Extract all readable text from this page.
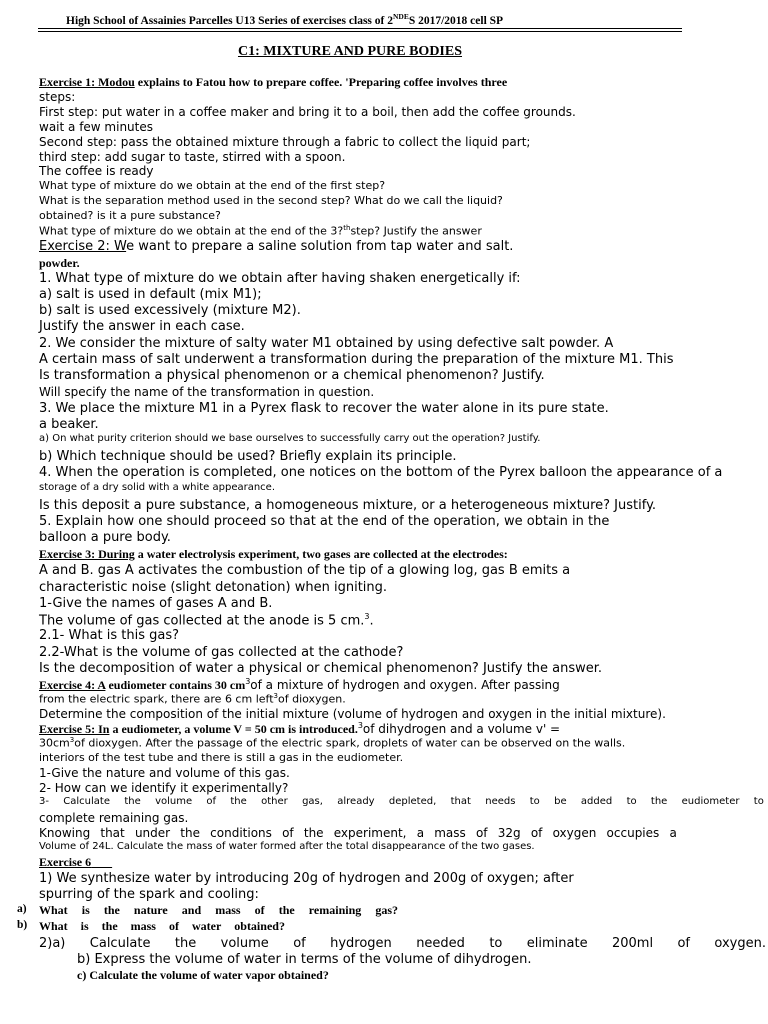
High School of Assainies Parcelles U13 Series of exercises class of 2NDES 2017/2018 cell SP
C1: MIXTURE AND PURE BODIES
Exercise 1: Modou explains to Fatou how to prepare coffee. 'Preparing coffee involves three
steps:
First step: put water in a coffee maker and bring it to a boil, then add the coffee grounds.
wait a few minutes
Second step: pass the obtained mixture through a fabric to collect the liquid part;
third step: add sugar to taste, stirred with a spoon.
The coffee is ready
What type of mixture do we obtain at the end of the first step?
What is the separation method used in the second step? What do we call the liquid?
obtained? is it a pure substance?
What type of mixture do we obtain at the end of the 3?$^{th}$step? Justify the answer
Exercise 2: We want to prepare a saline solution from tap water and salt.
powder.
1. What type of mixture do we obtain after having shaken energetically if:
a) salt is used in default (mix M1);
b) salt is used excessively (mixture M2).
Justify the answer in each case.
2. We consider the mixture of salty water M1 obtained by using defective salt powder. A
A certain mass of salt underwent a transformation during the preparation of the mixture M1. This
Is transformation a physical phenomenon or a chemical phenomenon? Justify.
Will specify the name of the transformation in question.
3. We place the mixture M1 in a Pyrex flask to recover the water alone in its pure state.
a beaker.
a) On what purity criterion should we base ourselves to successfully carry out the operation? Justify.
b) Which technique should be used? Briefly explain its principle.
4. When the operation is completed, one notices on the bottom of the Pyrex balloon the appearance of a
storage of a dry solid with a white appearance.
Is this deposit a pure substance, a homogeneous mixture, or a heterogeneous mixture? Justify.
5. Explain how one should proceed so that at the end of the operation, we obtain in the
balloon a pure body.
Exercise 3: During a water electrolysis experiment, two gases are collected at the electrodes:
A and B. gas A activates the combustion of the tip of a glowing log, gas B emits a
characteristic noise (slight detonation) when igniting.
1-Give the names of gases A and B.
The volume of gas collected at the anode is 5 cm.$^3$.
2.1- What is this gas?
2.2-What is the volume of gas collected at the cathode?
Is the decomposition of water a physical or chemical phenomenon? Justify the answer.
Exercise 4: A eudiometer contains 30 $cm^3of$ a mixture of hydrogen and oxygen. After passing
from the electric spark, there are 6 cm left$^3$of dioxygen.
Determine the composition of the initial mixture (volume of hydrogen and oxygen in the initial mixture).
Exercise 5: In a eudiometer, a volume V = 50 cm is introduced.$^3$of dihydrogen and a volume v' =
$30cm^3of$ dioxygen. After the passage of the electric spark, droplets of water can be observed on the walls.
interiors of the test tube and there is still a gas in the eudiometer.
1-Give the nature and volume of this gas.
2- How can we identify it experimentally?
3- Calculate the volume of the other gas, already depleted, that needs to be added to the eudiometer to
complete remaining gas.
Knowing that under the conditions of the experiment, a mass of 32g of oxygen occupies a
Volume of 24L. Calculate the mass of water formed after the total disappearance of the two gases.
Exercise 6
1) We synthesize water by introducing 20g of hydrogen and 200g of oxygen; after
spurring of the spark and cooling:
a) What is the nature and mass of the remaining gas?
b) What is the mass of water obtained?
2)a) Calculate the volume of hydrogen needed to eliminate 200ml of oxygen.
b) Express the volume of water in terms of the volume of dihydrogen.
c) Calculate the volume of water vapor obtained?
